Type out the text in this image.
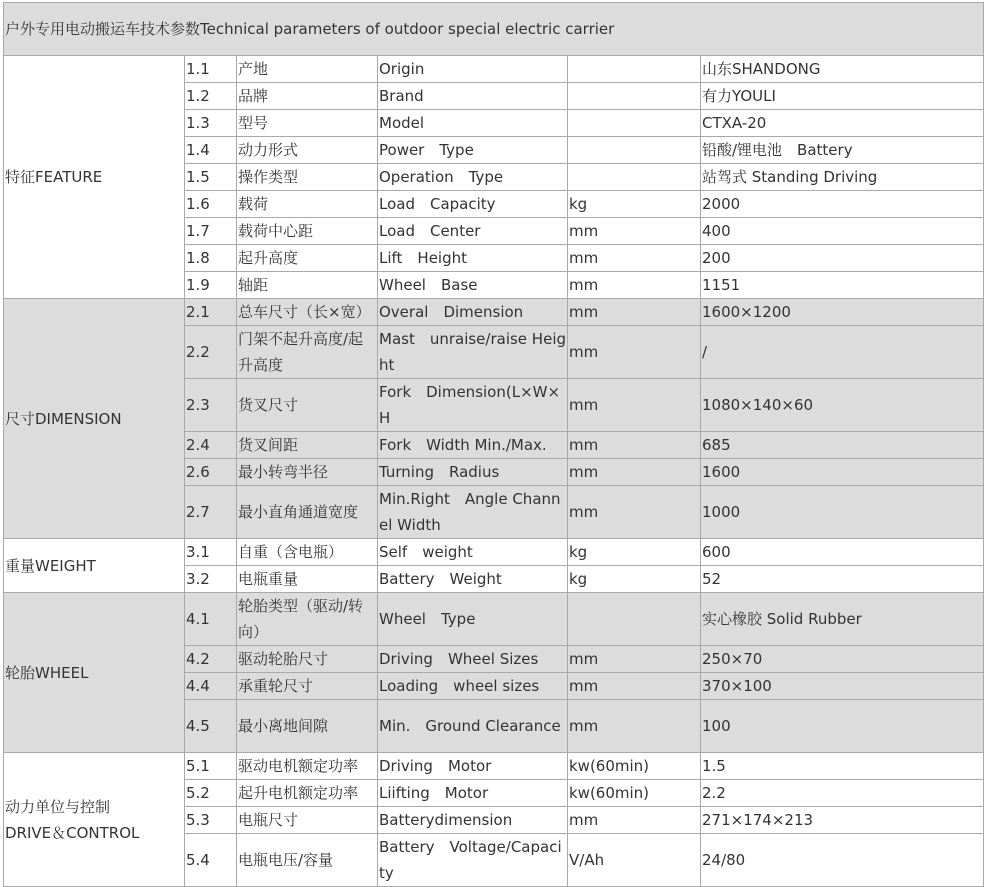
户外专用电动搬运车技术参数Technical parameters of outdoor special electric carrier					
特征FEATURE	1.1	产地	Origin		山东SHANDONG
	1.2	品牌	Brand		有力YOULI
	1.3	型号	Model		CTXA-20
	1.4	动力形式	Power　Type		铅酸/锂电池　Battery
	1.5	操作类型	Operation　Type		站驾式 Standing Driving
	1.6	载荷	Load　Capacity	kg	2000
	1.7	载荷中心距	Load　Center	mm	400
	1.8	起升高度	Lift　Height	mm	200
	1.9	轴距	Wheel　Base	mm	1151
尺寸DIMENSION	2.1	总车尺寸（长×宽）	Overal　Dimension	mm	1600×1200
	2.2	门架不起升高度/起升高度	Mast　unraise/raise Height	mm	/
	2.3	货叉尺寸	Fork　Dimension(L×W×H	mm	1080×140×60
	2.4	货叉间距	Fork　Width Min./Max.	mm	685
	2.6	最小转弯半径	Turning　Radius	mm	1600
	2.7	最小直角通道宽度	Min.Right　Angle Channel Width	mm	1000
重量WEIGHT	3.1	自重（含电瓶）	Self　weight	kg	600
	3.2	电瓶重量	Battery　Weight	kg	52
轮胎WHEEL	4.1	轮胎类型（驱动/转向）	Wheel　Type		实心橡胶 Solid Rubber
	4.2	驱动轮胎尺寸	Driving　Wheel Sizes	mm	250×70
	4.4	承重轮尺寸	Loading　wheel sizes	mm	370×100
	4.5	最小离地间隙	Min.　Ground Clearance	mm	100

动力单位与控制
DRIVE＆CONTROL	5.1	驱动电机额定功率	Driving　Motor	kw(60min)	1.5
	5.2	起升电机额定功率	Liifting　Motor	kw(60min)	2.2
	5.3	电瓶尺寸	Batterydimension	mm	271×174×213
	5.4	电瓶电压/容量	Battery　Voltage/Capacity	V/Ah	24/80
